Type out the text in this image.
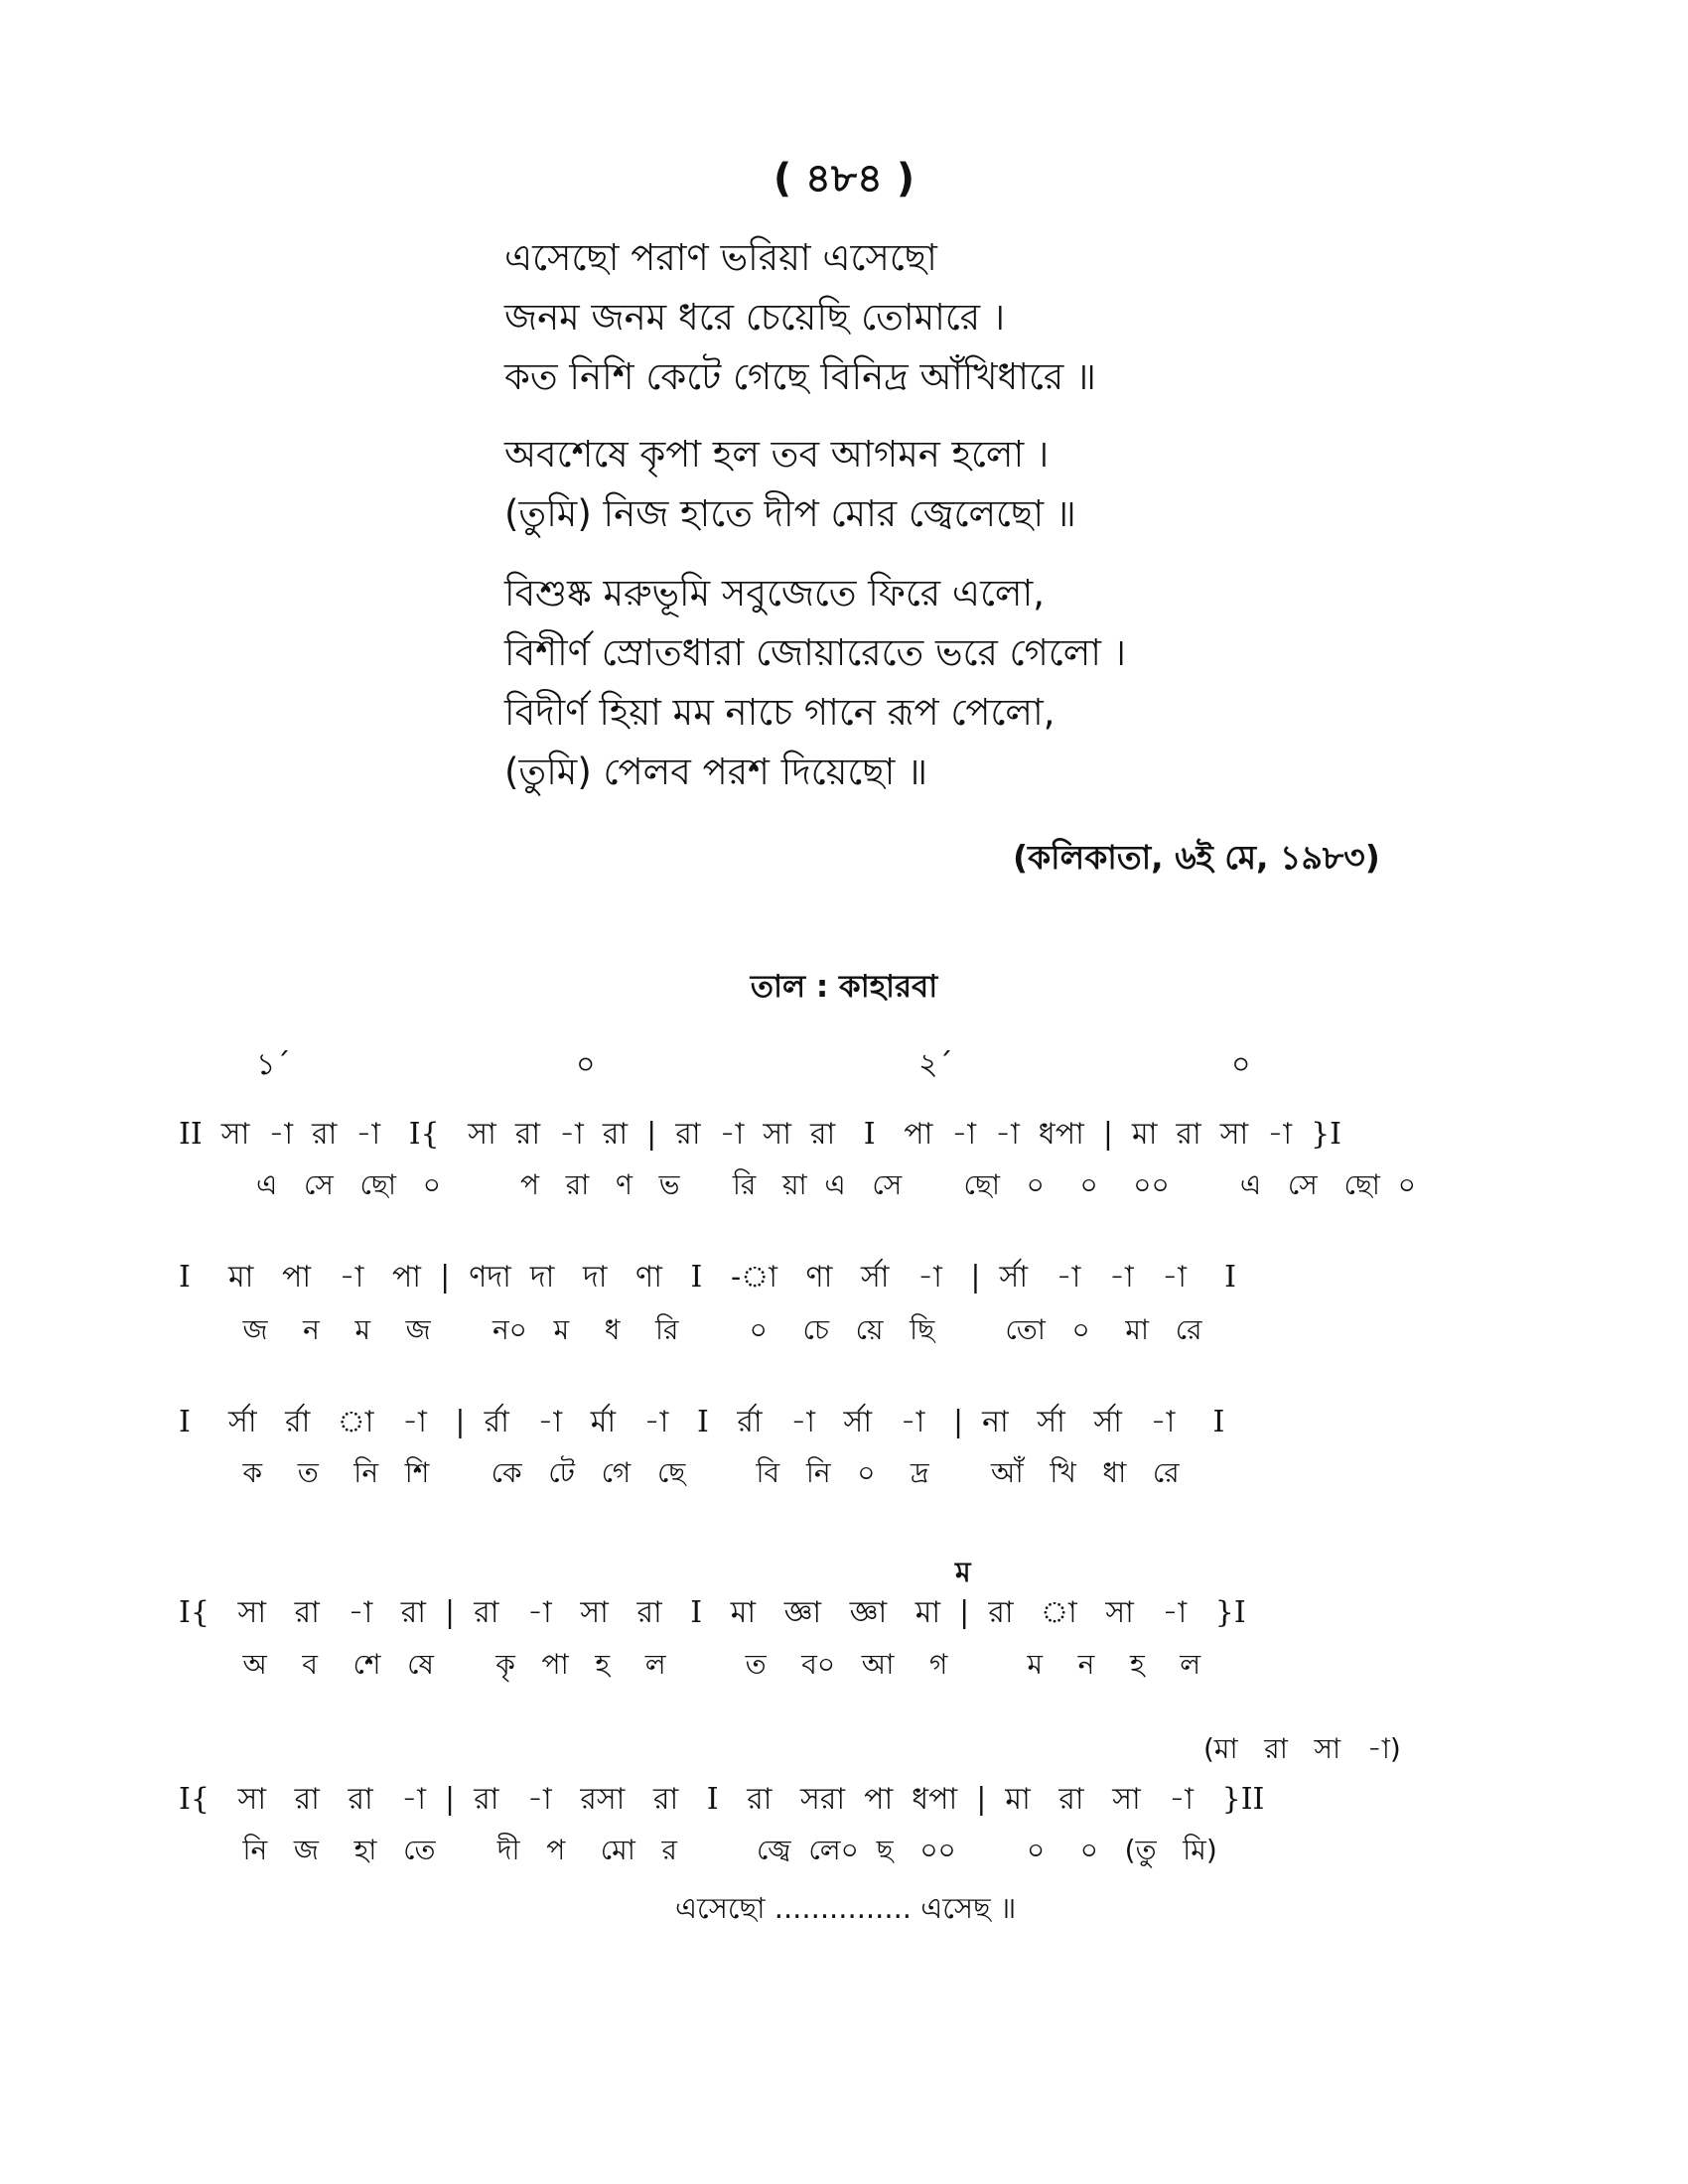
( ৪৮৪ )
এসেছো পরাণ ভরিয়া এসেছো
জনম জনম ধরে চেয়েছি তোমারে ।
কত নিশি কেটে গেছে বিনিদ্র আঁখিধারে ॥
অবশেষে কৃপা হল তব আগমন হলো ।
(তুমি) নিজ হাতে দীপ মোর জ্বেলেছো ॥
বিশুষ্ক মরুভূমি সবুজেতে ফিরে এলো,
বিশীর্ণ স্রোতধারা জোয়ারেতে ভরে গেলো ।
বিদীর্ণ হিয়া মম নাচে গানে রূপ পেলো,
(তুমি) পেলব পরশ দিয়েছো ॥
(কলিকাতা, ৬ই মে, ১৯৮৩)
তাল : কাহারবা
১´	০	২´	০
II  সা  -া  রা  -া   I{   সা  রা  -া  রা  |  রা  -া  সা  রা   I   পা  -া  -া  ধপা  |  মা  রা  সা  -া  }I
এ   সে   ছো   ০         প   রা   ণ   ভ      রি   য়া  এ   সে       ছো   ০    ০    ০০        এ   সে   ছো  ০
I    মা   পা   -া   পা  |  ণদা  দা   দা   ণা   I   -া   ণা   র্সা   -া   |  র্সা   -া   -া   -া    I
জ    ন    ম    জ       ন০   ম    ধ    রি        ০    চে   য়ে   ছি        তো   ০    মা   রে
I    র্সা   র্রা   া   -া   |  র্রা   -া   র্মা   -া   I   র্রা   -া   র্সা   -া   |  না   র্সা   র্সা   -া    I
ক    ত    নি   শি       কে   টে   গে   ছে        বি   নি   ০    দ্র       আঁ   খি   ধা   রে
ম
I{   সা   রা   -া   রা  |  রা   -া   সা   রা   I   মা   জ্ঞা   জ্ঞা   মা  |  রা   া   সা   -া   }I
অ    ব    শে   ষে       কৃ   পা   হ    ল         ত    ব০   আ    গ         ম    ন    হ    ল
(মা   রা   সা   -া)
I{   সা   রা   রা   -া  |  রা   -া   রসা   রা   I   রা   সরা  পা  ধপা  |  মা   রা   সা   -া   }II
নি   জ    হা   তে       দী   প    মো   র         জ্বে  লে০  ছ   ০০        ০    ০   (তু   মি)
এসেছো ............... এসেছ ॥
